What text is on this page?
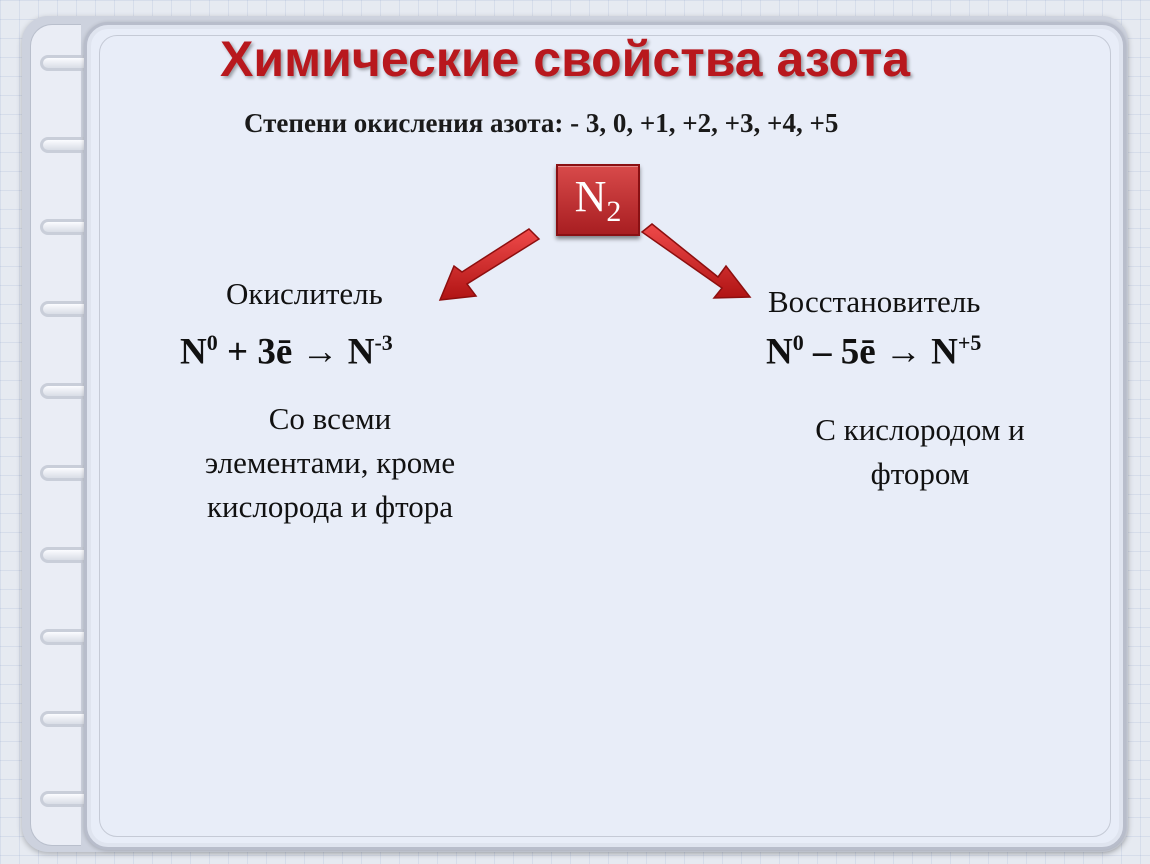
Химические свойства азота
Степени окисления азота: - 3, 0, +1, +2, +3, +4, +5
$N_2$
Окислитель
$N^0$ + 3ē → $N^{-3}$
Со всеми
элементами, кроме
кислорода и фтора
Восстановитель
$N^0$ – 5ē → $N^{+5}$
С кислородом и
фтором
